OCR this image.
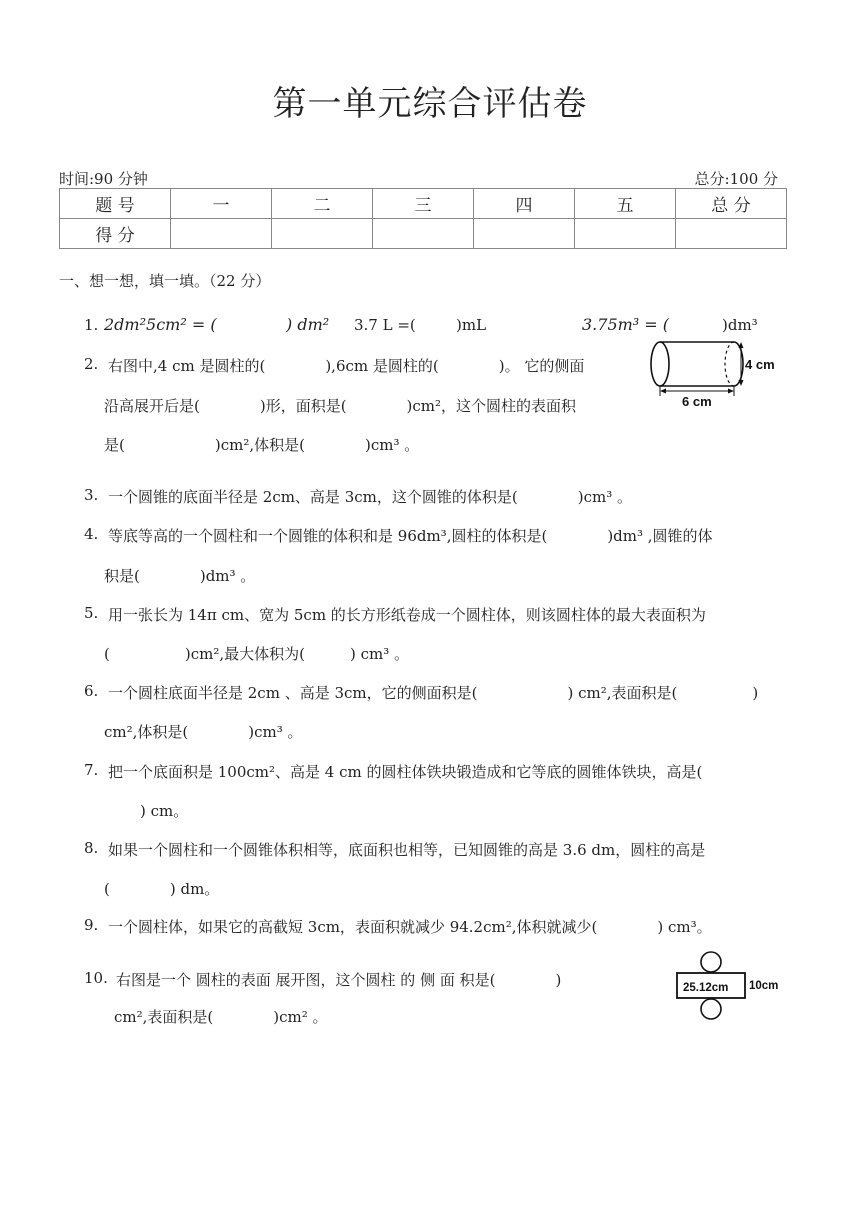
第一单元综合评估卷
时间:90 分钟	总分:100 分
题 号	一	二	三	四	五	总 分
得 分						
一、想一想，填一填。（22 分）
1. 2dm²5cm² = (	) dm² 3.7 L =(	)mL	3.75m³ = (	)dm³
2. 右图中,4 cm 是圆柱的(　　　　),6cm 是圆柱的(　　　　)。 它的侧面
沿高展开后是(　　　　)形，面积是(　　　　)cm²，这个圆柱的表面积
是(　　　　　　)cm²,体积是(　　　　)cm³ 。
4 cm
6 cm
3. 一个圆锥的底面半径是 2cm、高是 3cm，这个圆锥的体积是(　　　　)cm³ 。
4. 等底等高的一个圆柱和一个圆锥的体积和是 96dm³,圆柱的体积是(　　　　)dm³ ,圆锥的体
积是(　　　　)dm³ 。
5. 用一张长为 14π cm、宽为 5cm 的长方形纸卷成一个圆柱体，则该圆柱体的最大表面积为
(　　　　　)cm²,最大体积为(　　　) cm³ 。
6. 一个圆柱底面半径是 2cm 、高是 3cm，它的侧面积是(　　　　　　) cm²,表面积是(　　　　　)
cm²,体积是(　　　　)cm³ 。
7. 把一个底面积是 100cm²、高是 4 cm 的圆柱体铁块锻造成和它等底的圆锥体铁块，高是(
) cm。
8. 如果一个圆柱和一个圆锥体积相等，底面积也相等，已知圆锥的高是 3.6 dm，圆柱的高是
(　　　　) dm。
9. 一个圆柱体，如果它的高截短 3cm，表面积就减少 94.2cm²,体积就减少(　　　　) cm³。
10. 右图是一个 圆柱的表面 展开图，这个圆柱 的 侧 面 积是(　　　　)
cm²,表面积是(　　　　)cm² 。
25.12cm 10cm
